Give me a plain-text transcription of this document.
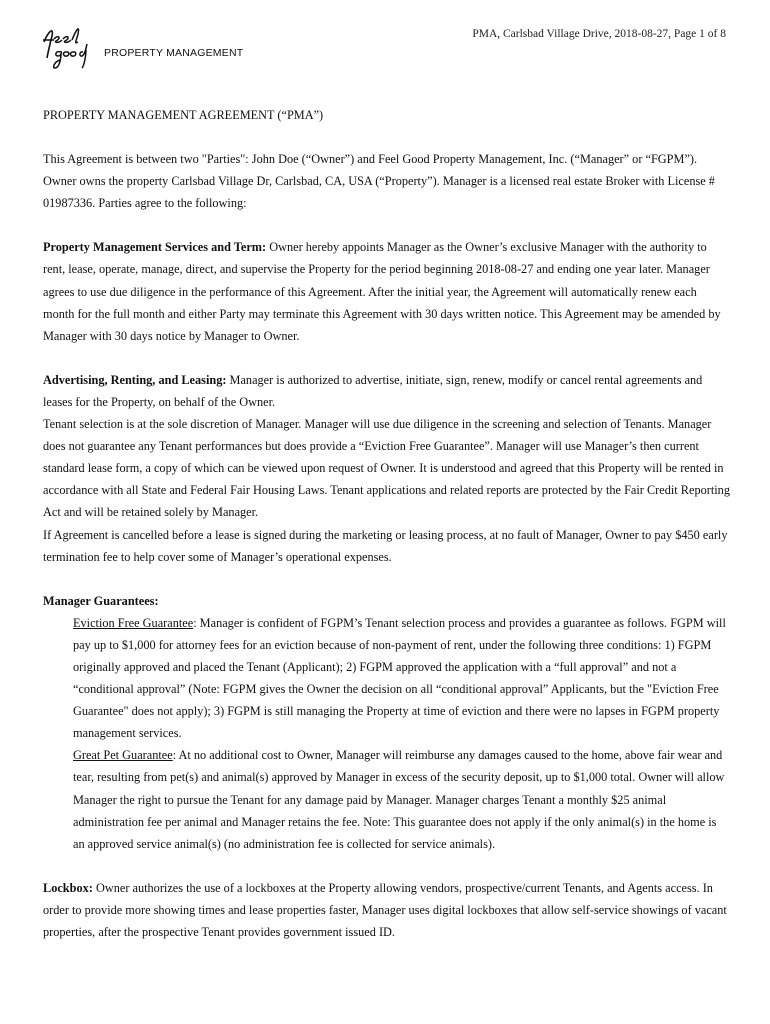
PMA, Carlsbad Village Drive, 2018-08-27, Page 1 of 8
PROPERTY MANAGEMENT

PROPERTY MANAGEMENT AGREEMENT (“PMA”)

This Agreement is between two "Parties": John Doe (“Owner”) and Feel Good Property Management, Inc. (“Manager” or “FGPM”). Owner owns the property Carlsbad Village Dr, Carlsbad, CA, USA (“Property”). Manager is a licensed real estate Broker with License # 01987336. Parties agree to the following:

Property Management Services and Term: Owner hereby appoints Manager as the Owner’s exclusive Manager with the authority to rent, lease, operate, manage, direct, and supervise the Property for the period beginning 2018-08-27 and ending one year later. Manager agrees to use due diligence in the performance of this Agreement. After the initial year, the Agreement will automatically renew each month for the full month and either Party may terminate this Agreement with 30 days written notice. This Agreement may be amended by Manager with 30 days notice by Manager to Owner.

Advertising, Renting, and Leasing: Manager is authorized to advertise, initiate, sign, renew, modify or cancel rental agreements and leases for the Property, on behalf of the Owner.

Tenant selection is at the sole discretion of Manager. Manager will use due diligence in the screening and selection of Tenants. Manager does not guarantee any Tenant performances but does provide a “Eviction Free Guarantee”. Manager will use Manager’s then current standard lease form, a copy of which can be viewed upon request of Owner. It is understood and agreed that this Property will be rented in accordance with all State and Federal Fair Housing Laws. Tenant applications and related reports are protected by the Fair Credit Reporting Act and will be retained solely by Manager.

If Agreement is cancelled before a lease is signed during the marketing or leasing process, at no fault of Manager, Owner to pay $450 early termination fee to help cover some of Manager’s operational expenses.

Manager Guarantees:

Eviction Free Guarantee: Manager is confident of FGPM’s Tenant selection process and provides a guarantee as follows. FGPM will pay up to $1,000 for attorney fees for an eviction because of non-payment of rent, under the following three conditions: 1) FGPM originally approved and placed the Tenant (Applicant); 2) FGPM approved the application with a “full approval” and not a “conditional approval” (Note: FGPM gives the Owner the decision on all “conditional approval” Applicants, but the "Eviction Free Guarantee" does not apply); 3) FGPM is still managing the Property at time of eviction and there were no lapses in FGPM property management services.

Great Pet Guarantee: At no additional cost to Owner, Manager will reimburse any damages caused to the home, above fair wear and tear, resulting from pet(s) and animal(s) approved by Manager in excess of the security deposit, up to $1,000 total. Owner will allow Manager the right to pursue the Tenant for any damage paid by Manager. Manager charges Tenant a monthly $25 animal administration fee per animal and Manager retains the fee. Note: This guarantee does not apply if the only animal(s) in the home is an approved service animal(s) (no administration fee is collected for service animals).

Lockbox: Owner authorizes the use of a lockboxes at the Property allowing vendors, prospective/current Tenants, and Agents access. In order to provide more showing times and lease properties faster, Manager uses digital lockboxes that allow self-service showings of vacant properties, after the prospective Tenant provides government issued ID.
